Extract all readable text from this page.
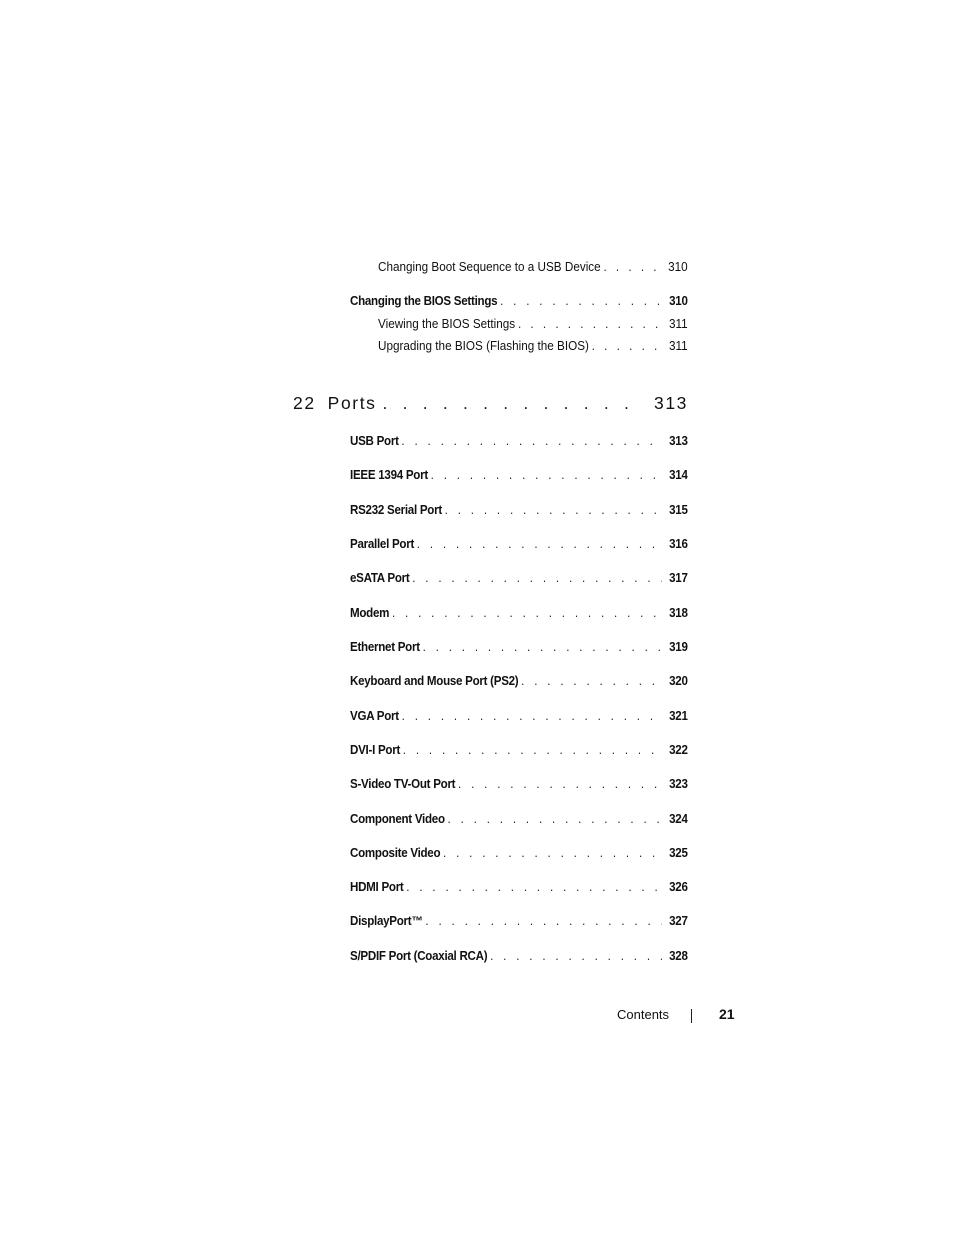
Changing Boot Sequence to a USB Device . . .	310
Changing the BIOS Settings . . .	310
Viewing the BIOS Settings . . .	311
Upgrading the BIOS (Flashing the BIOS) . . .	311
22 Ports . . .	313
USB Port . . .	313
IEEE 1394 Port . . .	314
RS232 Serial Port . . .	315
Parallel Port . . .	316
eSATA Port . . .	317
Modem . . .	318
Ethernet Port . . .	319
Keyboard and Mouse Port (PS2) . . .	320
VGA Port . . .	321
DVI-I Port . . .	322
S-Video TV-Out Port . . .	323
Component Video . . .	324
Composite Video . . .	325
HDMI Port . . .	326
DisplayPort™ . . .	327
S/PDIF Port (Coaxial RCA) . . .	328
Contents	21
